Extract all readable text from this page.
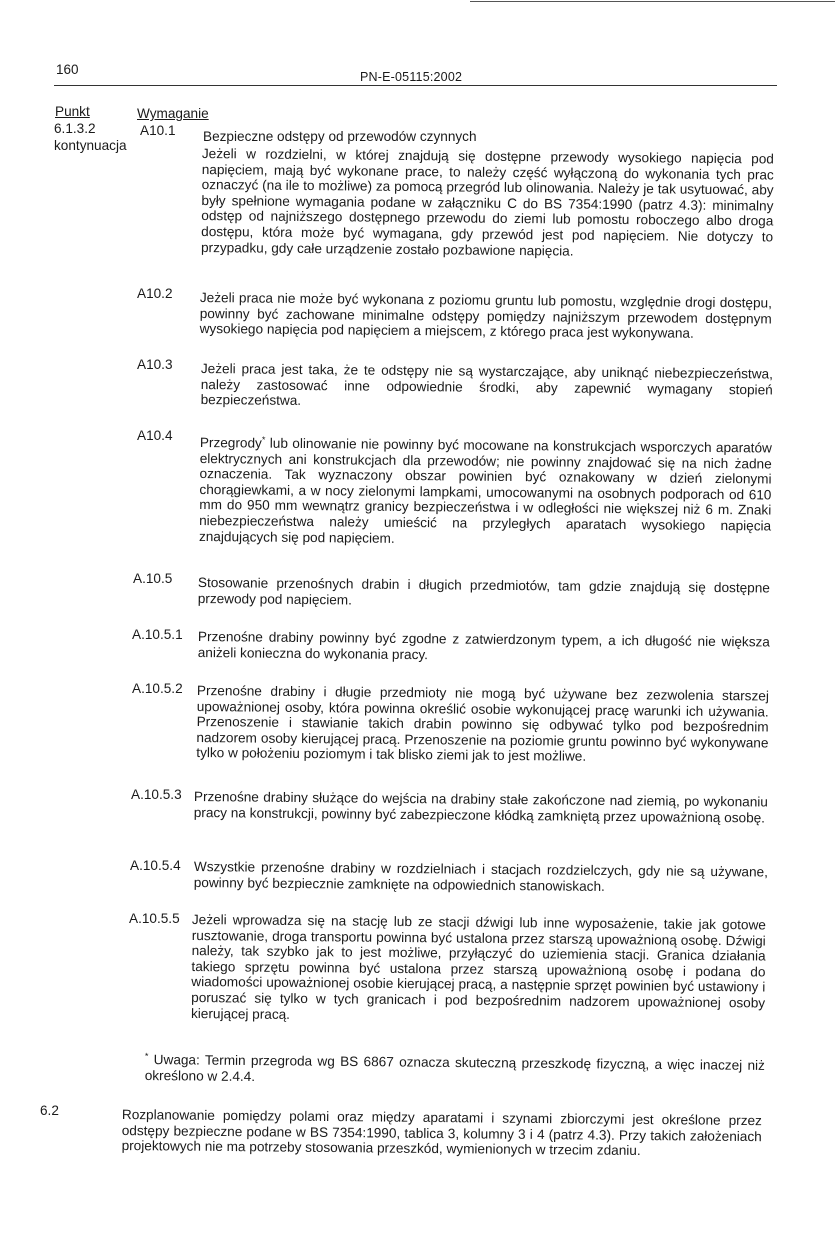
160	PN-E-05115:2002
Punkt	Wymaganie
6.1.3.2
kontynuacja
A10.1 Bezpieczne odstępy od przewodów czynnych
Jeżeli w rozdzielni, w której znajdują się dostępne przewody wysokiego napięcia pod napięciem, mają być wykonane prace, to należy część wyłączoną do wykonania tych prac oznaczyć (na ile to możliwe) za pomocą przegród lub olinowania. Należy je tak usytuować, aby były spełnione wymagania podane w załączniku C do BS 7354:1990 (patrz 4.3): minimalny odstęp od najniższego dostępnego przewodu do ziemi lub pomostu roboczego albo droga dostępu, która może być wymagana, gdy przewód jest pod napięciem. Nie dotyczy to przypadku, gdy całe urządzenie zostało pozbawione napięcia.
A10.2 Jeżeli praca nie może być wykonana z poziomu gruntu lub pomostu, względnie drogi dostępu, powinny być zachowane minimalne odstępy pomiędzy najniższym przewodem dostępnym wysokiego napięcia pod napięciem a miejscem, z którego praca jest wykonywana.
A10.3 Jeżeli praca jest taka, że te odstępy nie są wystarczające, aby uniknąć niebezpieczeństwa, należy zastosować inne odpowiednie środki, aby zapewnić wymagany stopień bezpieczeństwa.
A10.4 Przegrody* lub olinowanie nie powinny być mocowane na konstrukcjach wsporczych aparatów elektrycznych ani konstrukcjach dla przewodów; nie powinny znajdować się na nich żadne oznaczenia. Tak wyznaczony obszar powinien być oznakowany w dzień zielonymi chorągiewkami, a w nocy zielonymi lampkami, umocowanymi na osobnych podporach od 610 mm do 950 mm wewnątrz granicy bezpieczeństwa i w odległości nie większej niż 6 m. Znaki niebezpieczeństwa należy umieścić na przyległych aparatach wysokiego napięcia znajdujących się pod napięciem.
A.10.5 Stosowanie przenośnych drabin i długich przedmiotów, tam gdzie znajdują się dostępne przewody pod napięciem.
A.10.5.1 Przenośne drabiny powinny być zgodne z zatwierdzonym typem, a ich długość nie większa aniżeli konieczna do wykonania pracy.
A.10.5.2 Przenośne drabiny i długie przedmioty nie mogą być używane bez zezwolenia starszej upoważnionej osoby, która powinna określić osobie wykonującej pracę warunki ich używania. Przenoszenie i stawianie takich drabin powinno się odbywać tylko pod bezpośrednim nadzorem osoby kierującej pracą. Przenoszenie na poziomie gruntu powinno być wykonywane tylko w położeniu poziomym i tak blisko ziemi jak to jest możliwe.
A.10.5.3 Przenośne drabiny służące do wejścia na drabiny stałe zakończone nad ziemią, po wykonaniu pracy na konstrukcji, powinny być zabezpieczone kłódką zamkniętą przez upoważnioną osobę.
A.10.5.4 Wszystkie przenośne drabiny w rozdzielniach i stacjach rozdzielczych, gdy nie są używane, powinny być bezpiecznie zamknięte na odpowiednich stanowiskach.
A.10.5.5 Jeżeli wprowadza się na stację lub ze stacji dźwigi lub inne wyposażenie, takie jak gotowe rusztowanie, droga transportu powinna być ustalona przez starszą upoważnioną osobę. Dźwigi należy, tak szybko jak to jest możliwe, przyłączyć do uziemienia stacji. Granica działania takiego sprzętu powinna być ustalona przez starszą upoważnioną osobę i podana do wiadomości upoważnionej osobie kierującej pracą, a następnie sprzęt powinien być ustawiony i poruszać się tylko w tych granicach i pod bezpośrednim nadzorem upoważnionej osoby kierującej pracą.
* Uwaga: Termin przegroda wg BS 6867 oznacza skuteczną przeszkodę fizyczną, a więc inaczej niż określono w 2.4.4.
6.2	Rozplanowanie pomiędzy polami oraz między aparatami i szynami zbiorczymi jest określone przez odstępy bezpieczne podane w BS 7354:1990, tablica 3, kolumny 3 i 4 (patrz 4.3). Przy takich założeniach projektowych nie ma potrzeby stosowania przeszkód, wymienionych w trzecim zdaniu.
